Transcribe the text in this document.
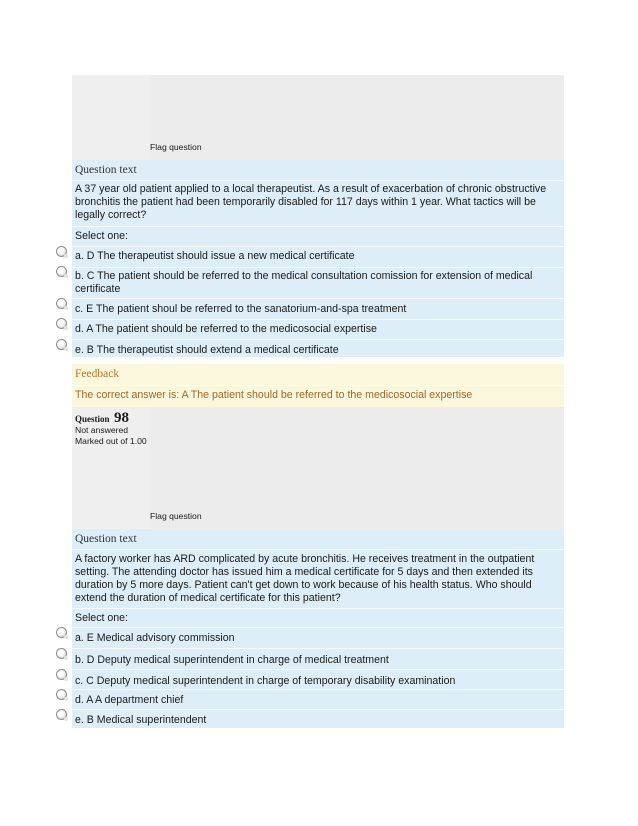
Flag question
Question text
A 37 year old patient applied to a local therapeutist. As a result of exacerbation of chronic obstructive bronchitis the patient had been temporarily disabled for 117 days within 1 year. What tactics will be legally correct?
Select one:
a. D The therapeutist should issue a new medical certificate
b. C The patient should be referred to the medical consultation comission for extension of medical certificate
c. E The patient shoul be referred to the sanatorium-and-spa treatment
d. A The patient should be referred to the medicosocial expertise
e. B The therapeutist should extend a medical certificate
Feedback
The correct answer is: A The patient should be referred to the medicosocial expertise
Question 98
Not answered
Marked out of 1.00
Flag question
Question text
A factory worker has ARD complicated by acute bronchitis. He receives treatment in the outpatient setting. The attending doctor has issued him a medical certificate for 5 days and then extended its duration by 5 more days. Patient can't get down to work because of his health status. Who should extend the duration of medical certificate for this patient?
Select one:
a. E Medical advisory commission
b. D Deputy medical superintendent in charge of medical treatment
c. C Deputy medical superintendent in charge of temporary disability examination
d. A A department chief
e. B Medical superintendent
